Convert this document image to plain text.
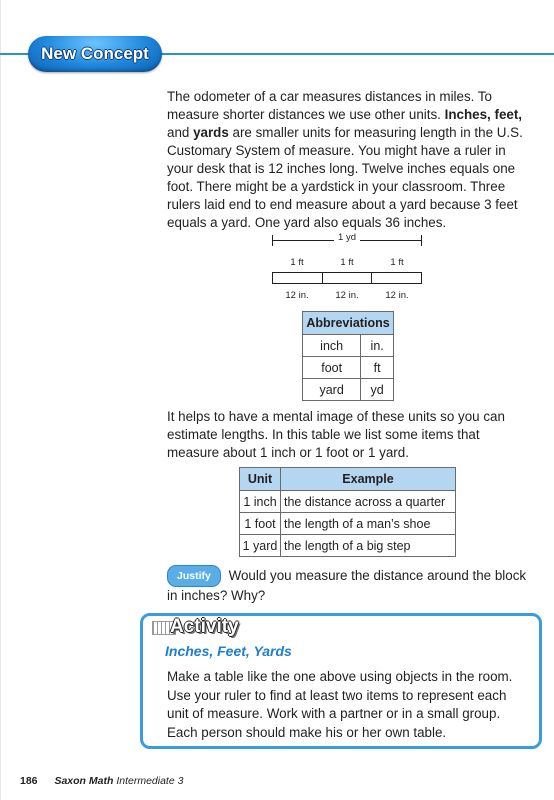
New Concept

The odometer of a car measures distances in miles. To measure shorter distances we use other units. Inches, feet, and yards are smaller units for measuring length in the U.S. Customary System of measure. You might have a ruler in your desk that is 12 inches long. Twelve inches equals one foot. There might be a yardstick in your classroom. Three rulers laid end to end measure about a yard because 3 feet equals a yard. One yard also equals 36 inches.

1 yd
1 ft	1 ft	1 ft
12 in.	12 in.	12 in.
Abbreviations	
inch	in.
foot	ft
yard	yd

It helps to have a mental image of these units so you can estimate lengths. In this table we list some items that measure about 1 inch or 1 foot or 1 yard.

Unit	Example
1 inch	the distance across a quarter
1 foot	the length of a man’s shoe
1 yard	the length of a big step
Justify Would you measure the distance around the block in inches? Why?
Activity
Inches, Feet, Yards

Make a table like the one above using objects in the room. Use your ruler to find at least two items to represent each unit of measure. Work with a partner or in a small group. Each person should make his or her own table.

186 Saxon Math Intermediate 3
